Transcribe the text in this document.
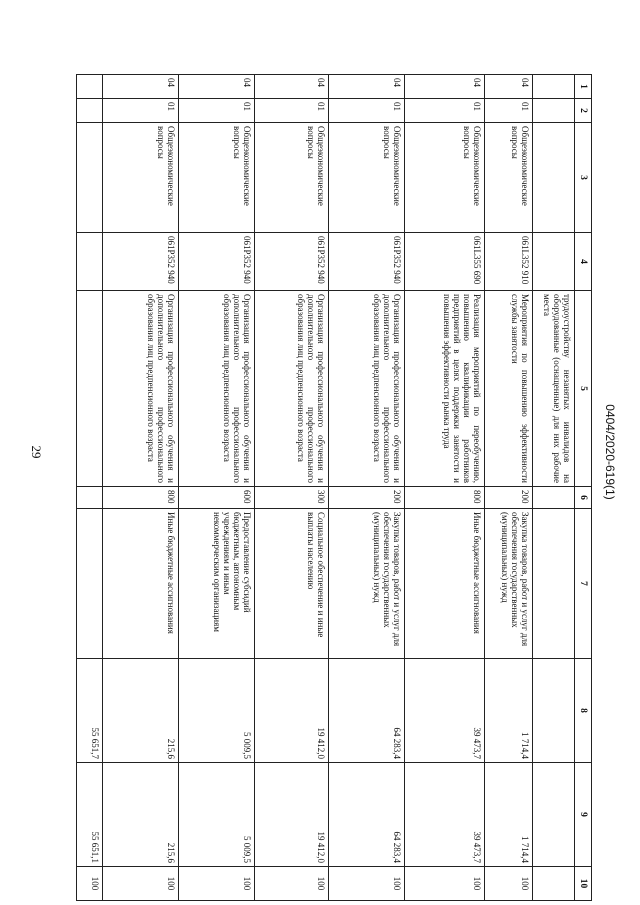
29	0404/2020-619(1)
1	2	3	4	5	6	7	8	9	10
				трудоустройству незанятых инвалидов на оборудованные (оснащенные) для них рабочие места					
04	01	Общеэкономические вопросы	061L352 910	Мероприятия по повышению эффективности службы занятости	200	Закупка товаров, работ и услуг для обеспечения государственных (муниципальных) нужд	1 714,4	1 714,4	100
04	01	Общеэкономические вопросы	061L355 690	Реализация мероприятий по переобучению, повышению квалификации работников предприятий в целях поддержки занятости и повышения эффективности рынка труда	800	Иные бюджетные ассигнования	39 473,7	39 473,7	100
04	01	Общеэкономические вопросы	061P352 940	Организация профессионального обучения и дополнительного профессионального образования лиц предпенсионного возраста	200	Закупка товаров, работ и услуг для обеспечения государственных (муниципальных) нужд	64 283,4	64 283,4	100
04	01	Общеэкономические вопросы	061P352 940	Организация профессионального обучения и дополнительного профессионального образования лиц предпенсионного возраста	300	Социальное обеспечение и иные выплаты населению	19 412,0	19 412,0	100
04	01	Общеэкономические вопросы	061P352 940	Организация профессионального обучения и дополнительного профессионального образования лиц предпенсионного возраста	600	Предоставление субсидий бюджетным, автономным учреждениям и иным некоммерческим организациям	5 009,5	5 009,5	100
04	01	Общеэкономические вопросы	061P352 940	Организация профессионального обучения и дополнительного профессионального образования лиц предпенсионного возраста	800	Иные бюджетные ассигнования	215,6	215,6	100
							55 651,7	55 651,1	100
